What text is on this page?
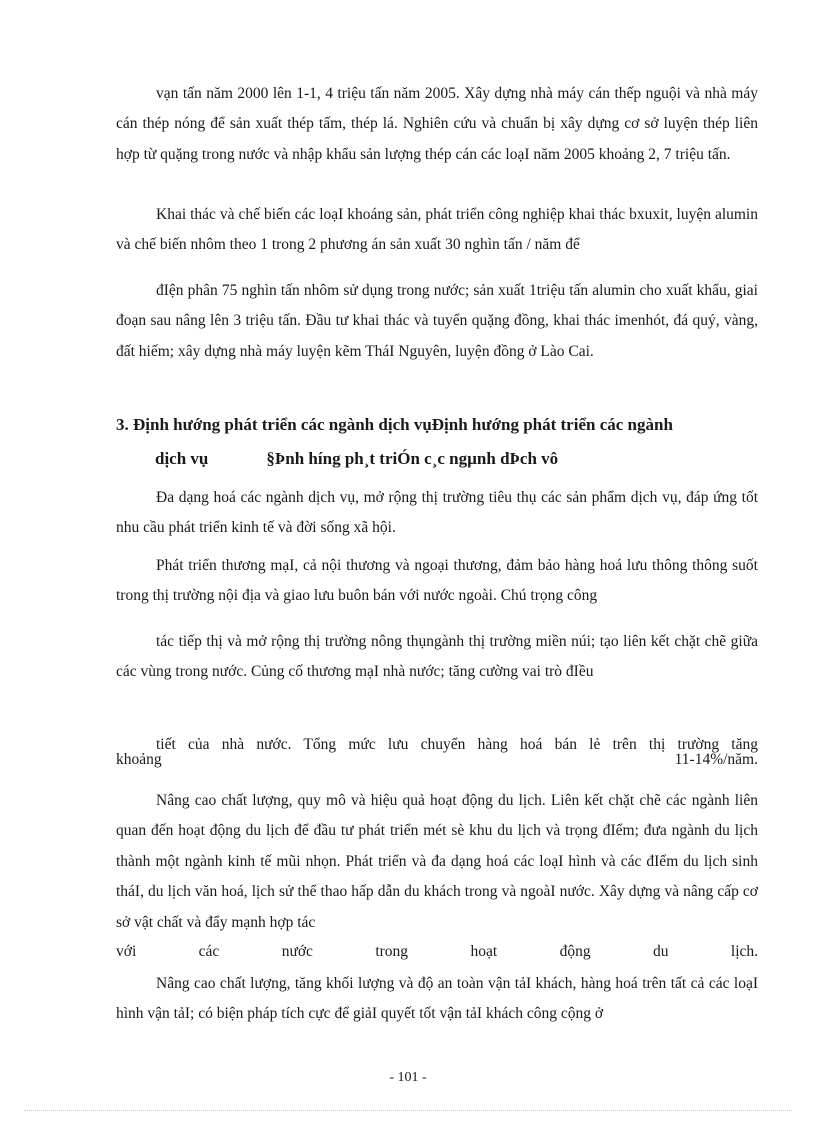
vạn tấn năm 2000 lên 1-1, 4 triệu tấn năm 2005. Xây dựng nhà máy cán thếp nguội và nhà máy cán thép nóng để sản xuất thép tấm, thép lá. Nghiên cứu và chuẩn bị xây dựng cơ sở luyện thép liên hợp từ quặng trong nước và nhập khẩu sản lượng thép cán các loạI năm 2005 khoảng 2, 7 triệu tấn.

Khai thác và chế biến các loạI khoáng sản, phát triển công nghiệp khai thác bxuxit, luyện alumin và chế biến nhôm theo 1 trong 2 phương án sản xuất 30 nghìn tấn / năm để

đIện phân 75 nghìn tấn nhôm sử dụng trong nước; sản xuất 1triệu tấn alumin cho xuất khẩu, giai đoạn sau nâng lên 3 triệu tấn. Đầu tư khai thác và tuyển quặng đồng, khai thác imenhót, đá quý, vàng, đất hiếm; xây dựng nhà máy luyện kẽm TháI Nguyên, luyện đồng ở Lào Cai.

3. Định hướng phát triển các ngành dịch vụĐịnh hướng phát triển các ngành

dịch vụ	§Þnh híng ph¸t triÓn c¸c ngµnh dÞch vô

Đa dạng hoá các ngành dịch vụ, mở rộng thị trường tiêu thụ các sản phẩm dịch vụ, đáp ứng tốt nhu cầu phát triển kinh tế và đời sống xã hội.

Phát triển thương mạI, cả nội thương và ngoại thương, đảm bảo hàng hoá lưu thông thông suốt trong thị trường nội địa và giao lưu buôn bán với nước ngoài. Chú trọng công

tác tiếp thị và mở rộng thị trường nông thụngành thị trường miền núi; tạo liên kết chặt chẽ giữa các vùng trong nước. Củng cố thương mạI nhà nước; tăng cường vai trò đIều

tiết của nhà nước. Tổng mức lưu chuyển hàng hoá bán lẻ trên thị trường tăng

khoảng	11-14%/năm.

Nâng cao chất lượng, quy mô và hiệu quả hoạt động du lịch. Liên kết chặt chẽ các ngành liên quan đến hoạt động du lịch để đầu tư phát triển mét sè khu du lịch và trọng đIểm; đưa ngành du lịch thành một ngành kinh tế mũi nhọn. Phát triển và đa dạng hoá các loạI hình và các đIểm du lịch sinh tháI, du lịch văn hoá, lịch sử thể thao hấp dẫn du khách trong và ngoàI nước. Xây dựng và nâng cấp cơ sở vật chất và đẩy mạnh hợp tác

với các nước trong hoạt động du lịch.

Nâng cao chất lượng, tăng khối lượng và độ an toàn vận tảI khách, hàng hoá trên tất cả các loạI hình vận tảI; có biện pháp tích cực để giảI quyết tốt vận tảI khách công cộng ở

- 101 -
